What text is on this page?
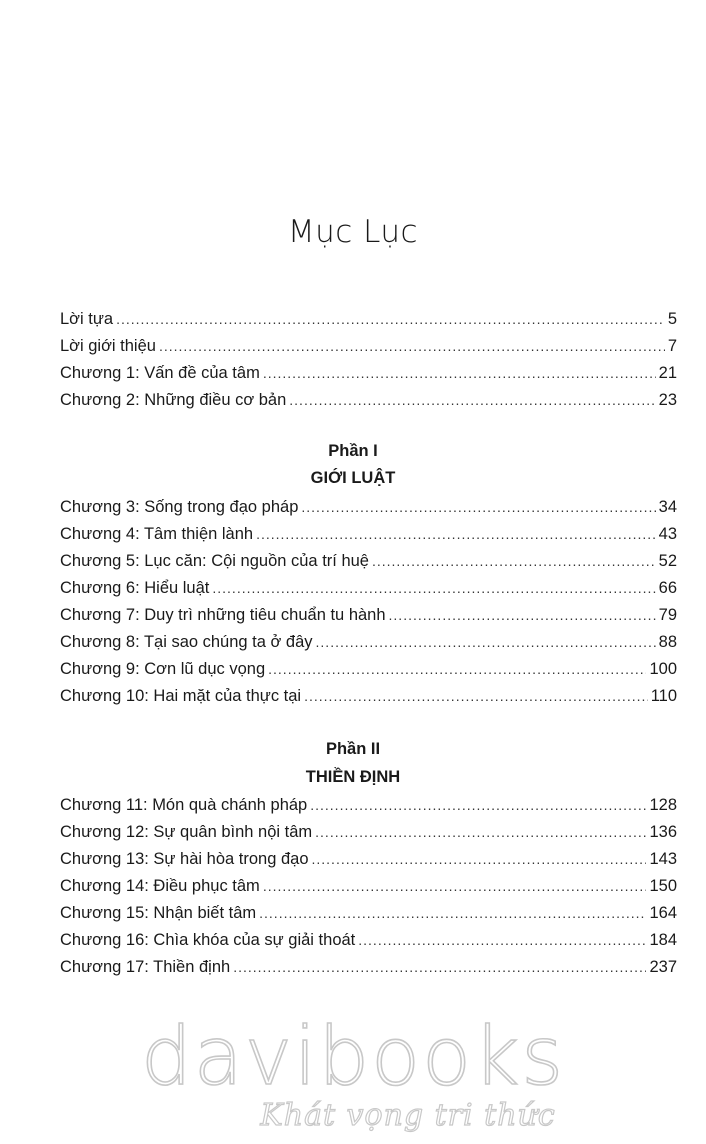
Mục Lục
Lời tựa .....	5
Lời giới thiệu .....	7
Chương 1: Vấn đề của tâm .....	21
Chương 2: Những điều cơ bản .....	23
Phần I
GIỚI LUẬT
Chương 3: Sống trong đạo pháp .....	34
Chương 4: Tâm thiện lành .....	43
Chương 5: Lục căn: Cội nguồn của trí huệ .....	52
Chương 6: Hiểu luật .....	66
Chương 7: Duy trì những tiêu chuẩn tu hành .....	79
Chương 8: Tại sao chúng ta ở đây .....	88
Chương 9: Cơn lũ dục vọng .....	100
Chương 10: Hai mặt của thực tại .....	110
Phần II
THIỀN ĐỊNH
Chương 11: Món quà chánh pháp .....	128
Chương 12: Sự quân bình nội tâm .....	136
Chương 13: Sự hài hòa trong đạo .....	143
Chương 14: Điều phục tâm .....	150
Chương 15: Nhận biết tâm .....	164
Chương 16: Chìa khóa của sự giải thoát .....	184
Chương 17: Thiền định .....	237
davibooks
Khát vọng tri thức
